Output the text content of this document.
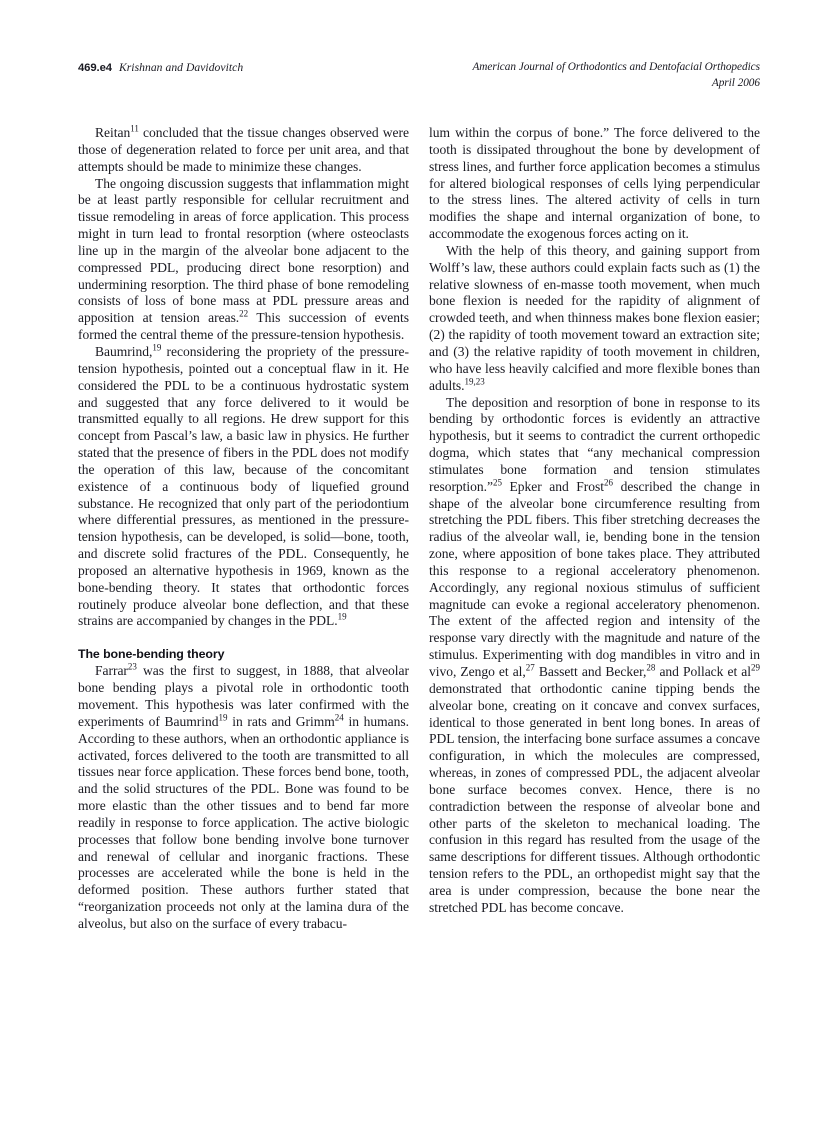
469.e4 Krishnan and Davidovitch	American Journal of Orthodontics and Dentofacial Orthopedics
April 2006

Reitan$^{11}$ concluded that the tissue changes observed were those of degeneration related to force per unit area, and that attempts should be made to minimize these changes.

The ongoing discussion suggests that inflammation might be at least partly responsible for cellular recruitment and tissue remodeling in areas of force application. This process might in turn lead to frontal resorption (where osteoclasts line up in the margin of the alveolar bone adjacent to the compressed PDL, producing direct bone resorption) and undermining resorption. The third phase of bone remodeling consists of loss of bone mass at PDL pressure areas and apposition at tension areas.$^{22}$ This succession of events formed the central theme of the pressure-tension hypothesis.

Baumrind,$^{19}$ reconsidering the propriety of the pressure-tension hypothesis, pointed out a conceptual flaw in it. He considered the PDL to be a continuous hydrostatic system and suggested that any force delivered to it would be transmitted equally to all regions. He drew support for this concept from Pascal’s law, a basic law in physics. He further stated that the presence of fibers in the PDL does not modify the operation of this law, because of the concomitant existence of a continuous body of liquefied ground substance. He recognized that only part of the periodontium where differential pressures, as mentioned in the pressure-tension hypothesis, can be developed, is solid—bone, tooth, and discrete solid fractures of the PDL. Consequently, he proposed an alternative hypothesis in 1969, known as the bone-bending theory. It states that orthodontic forces routinely produce alveolar bone deflection, and that these strains are accompanied by changes in the PDL.$^{19}$

The bone-bending theory

Farrar$^{23}$ was the first to suggest, in 1888, that alveolar bone bending plays a pivotal role in orthodontic tooth movement. This hypothesis was later confirmed with the experiments of Baumrind$^{19}$ in rats and Grimm$^{24}$ in humans. According to these authors, when an orthodontic appliance is activated, forces delivered to the tooth are transmitted to all tissues near force application. These forces bend bone, tooth, and the solid structures of the PDL. Bone was found to be more elastic than the other tissues and to bend far more readily in response to force application. The active biologic processes that follow bone bending involve bone turnover and renewal of cellular and inorganic fractions. These processes are accelerated while the bone is held in the deformed position. These authors further stated that “reorganization proceeds not only at the lamina dura of the alveolus, but also on the surface of every trabacu-

lum within the corpus of bone.” The force delivered to the tooth is dissipated throughout the bone by development of stress lines, and further force application becomes a stimulus for altered biological responses of cells lying perpendicular to the stress lines. The altered activity of cells in turn modifies the shape and internal organization of bone, to accommodate the exogenous forces acting on it.

With the help of this theory, and gaining support from Wolff’s law, these authors could explain facts such as (1) the relative slowness of en-masse tooth movement, when much bone flexion is needed for the rapidity of alignment of crowded teeth, and when thinness makes bone flexion easier; (2) the rapidity of tooth movement toward an extraction site; and (3) the relative rapidity of tooth movement in children, who have less heavily calcified and more flexible bones than adults.$^{19,23}$

The deposition and resorption of bone in response to its bending by orthodontic forces is evidently an attractive hypothesis, but it seems to contradict the current orthopedic dogma, which states that “any mechanical compression stimulates bone formation and tension stimulates resorption.”$^{25}$ Epker and Frost$^{26}$ described the change in shape of the alveolar bone circumference resulting from stretching the PDL fibers. This fiber stretching decreases the radius of the alveolar wall, ie, bending bone in the tension zone, where apposition of bone takes place. They attributed this response to a regional acceleratory phenomenon. Accordingly, any regional noxious stimulus of sufficient magnitude can evoke a regional acceleratory phenomenon. The extent of the affected region and intensity of the response vary directly with the magnitude and nature of the stimulus. Experimenting with dog mandibles in vitro and in vivo, Zengo et al,$^{27}$ Bassett and Becker,$^{28}$ and Pollack et $al^{29}$ demonstrated that orthodontic canine tipping bends the alveolar bone, creating on it concave and convex surfaces, identical to those generated in bent long bones. In areas of PDL tension, the interfacing bone surface assumes a concave configuration, in which the molecules are compressed, whereas, in zones of compressed PDL, the adjacent alveolar bone surface becomes convex. Hence, there is no contradiction between the response of alveolar bone and other parts of the skeleton to mechanical loading. The confusion in this regard has resulted from the usage of the same descriptions for different tissues. Although orthodontic tension refers to the PDL, an orthopedist might say that the area is under compression, because the bone near the stretched PDL has become concave.
